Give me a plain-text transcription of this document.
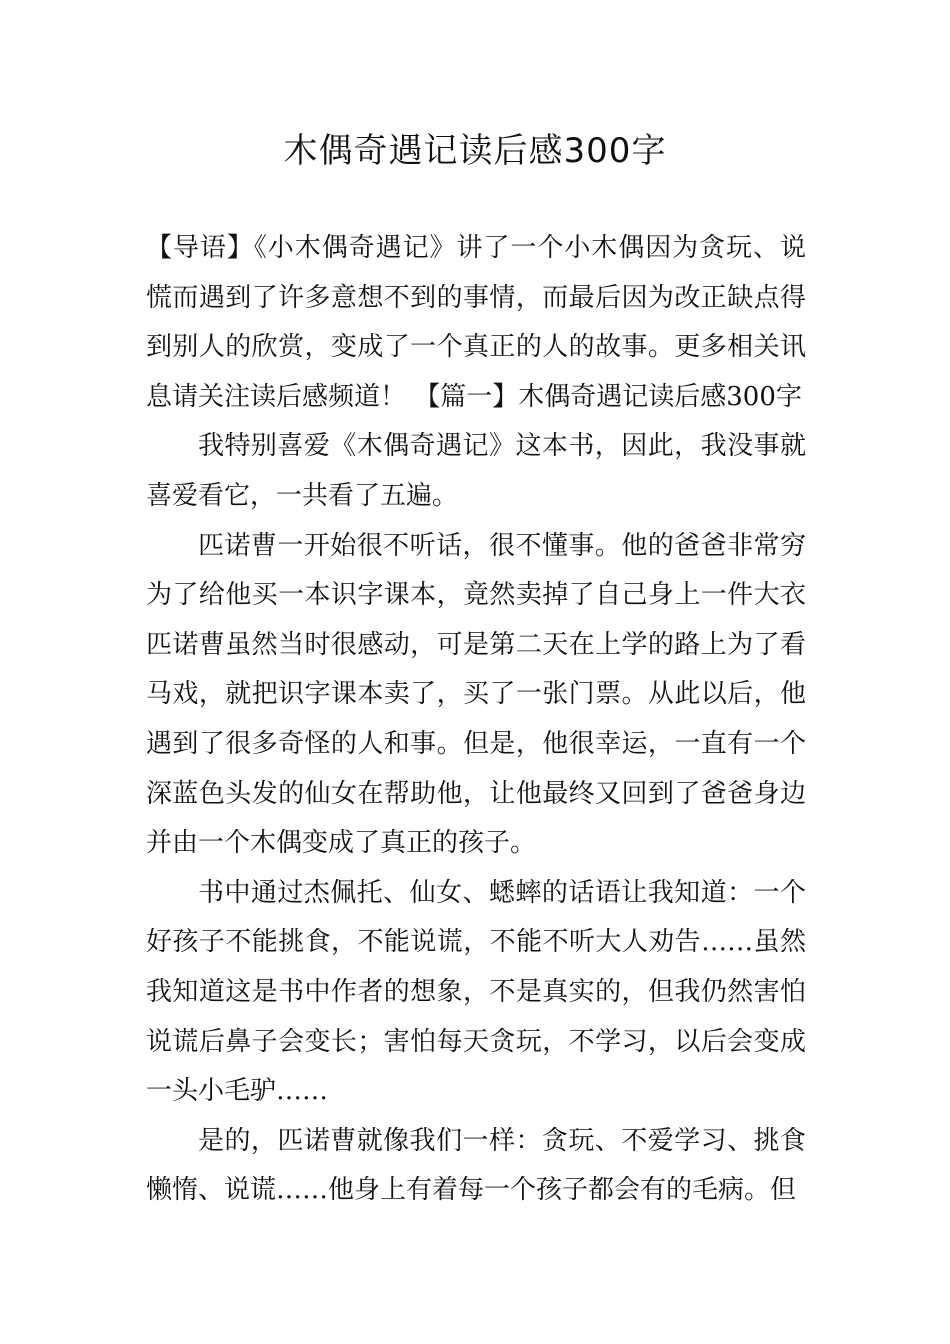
木偶奇遇记读后感300字

【导语】《小木偶奇遇记》讲了一个小木偶因为贪玩、说慌而遇到了许多意想不到的事情，而最后因为改正缺点得到别人的欣赏，变成了一个真正的人的故事。更多相关讯息请关注读后感频道！ 【篇一】木偶奇遇记读后感300字

我特别喜爱《木偶奇遇记》这本书，因此，我没事就喜爱看它，一共看了五遍。

匹诺曹一开始很不听话，很不懂事。他的爸爸非常穷为了给他买一本识字课本，竟然卖掉了自己身上一件大衣匹诺曹虽然当时很感动，可是第二天在上学的路上为了看马戏，就把识字课本卖了，买了一张门票。从此以后，他遇到了很多奇怪的人和事。但是，他很幸运，一直有一个深蓝色头发的仙女在帮助他，让他最终又回到了爸爸身边并由一个木偶变成了真正的孩子。

书中通过杰佩托、仙女、蟋蟀的话语让我知道：一个好孩子不能挑食，不能说谎，不能不听大人劝告……虽然我知道这是书中作者的想象，不是真实的，但我仍然害怕说谎后鼻子会变长；害怕每天贪玩，不学习，以后会变成一头小毛驴……

是的，匹诺曹就像我们一样：贪玩、不爱学习、挑食懒惰、说谎……他身上有着每一个孩子都会有的毛病。但
